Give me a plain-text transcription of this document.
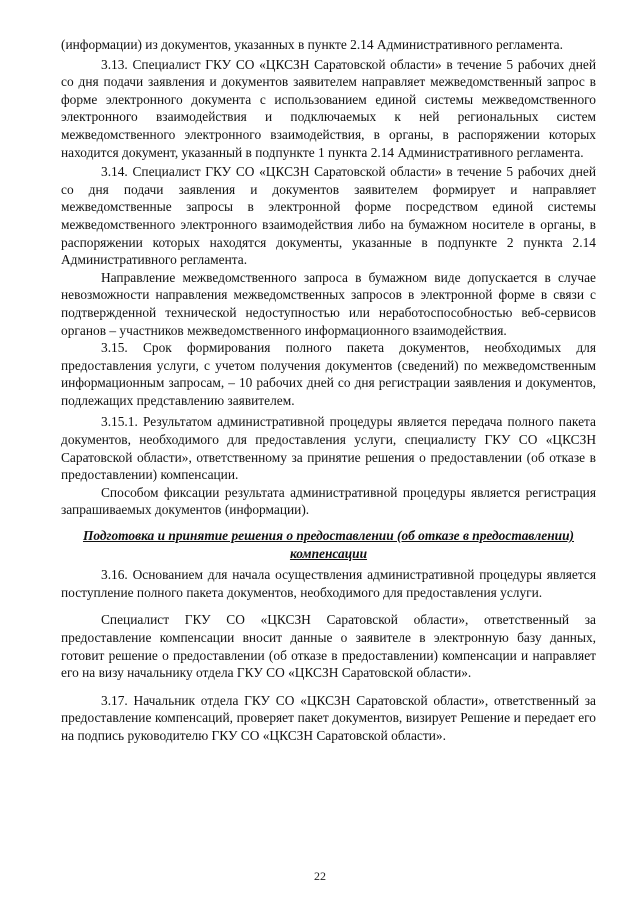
(информации) из документов, указанных в пункте 2.14 Административного регламента.

3.13. Специалист ГКУ СО «ЦКСЗН Саратовской области» в течение 5 рабочих дней со дня подачи заявления и документов заявителем направляет межведомственный запрос в форме электронного документа с использованием единой системы межведомственного электронного взаимодействия и подключаемых к ней региональных систем межведомственного электронного взаимодействия, в органы, в распоряжении которых находится документ, указанный в подпункте 1 пункта 2.14 Административного регламента.

3.14. Специалист ГКУ СО «ЦКСЗН Саратовской области» в течение 5 рабочих дней со дня подачи заявления и документов заявителем формирует и направляет межведомственные запросы в электронной форме посредством единой системы межведомственного электронного взаимодействия либо на бумажном носителе в органы, в распоряжении которых находятся документы, указанные в подпункте 2 пункта 2.14 Административного регламента.

Направление межведомственного запроса в бумажном виде допускается в случае невозможности направления межведомственных запросов в электронной форме в связи с подтвержденной технической недоступностью или неработоспособностью веб-сервисов органов – участников межведомственного информационного взаимодействия.

3.15. Срок формирования полного пакета документов, необходимых для предоставления услуги, с учетом получения документов (сведений) по межведомственным информационным запросам, – 10 рабочих дней со дня регистрации заявления и документов, подлежащих представлению заявителем.

3.15.1. Результатом административной процедуры является передача полного пакета документов, необходимого для предоставления услуги, специалисту ГКУ СО «ЦКСЗН Саратовской области», ответственному за принятие решения о предоставлении (об отказе в предоставлении) компенсации.

Способом фиксации результата административной процедуры является регистрация запрашиваемых документов (информации).

Подготовка и принятие решения о предоставлении (об отказе в предоставлении) компенсации

3.16. Основанием для начала осуществления административной процедуры является поступление полного пакета документов, необходимого для предоставления услуги.

Специалист ГКУ СО «ЦКСЗН Саратовской области», ответственный за предоставление компенсации вносит данные о заявителе в электронную базу данных, готовит решение о предоставлении (об отказе в предоставлении) компенсации и направляет его на визу начальнику отдела ГКУ СО «ЦКСЗН Саратовской области».

3.17. Начальник отдела ГКУ СО «ЦКСЗН Саратовской области», ответственный за предоставление компенсаций, проверяет пакет документов, визирует Решение и передает его на подпись руководителю ГКУ СО «ЦКСЗН Саратовской области».

22
